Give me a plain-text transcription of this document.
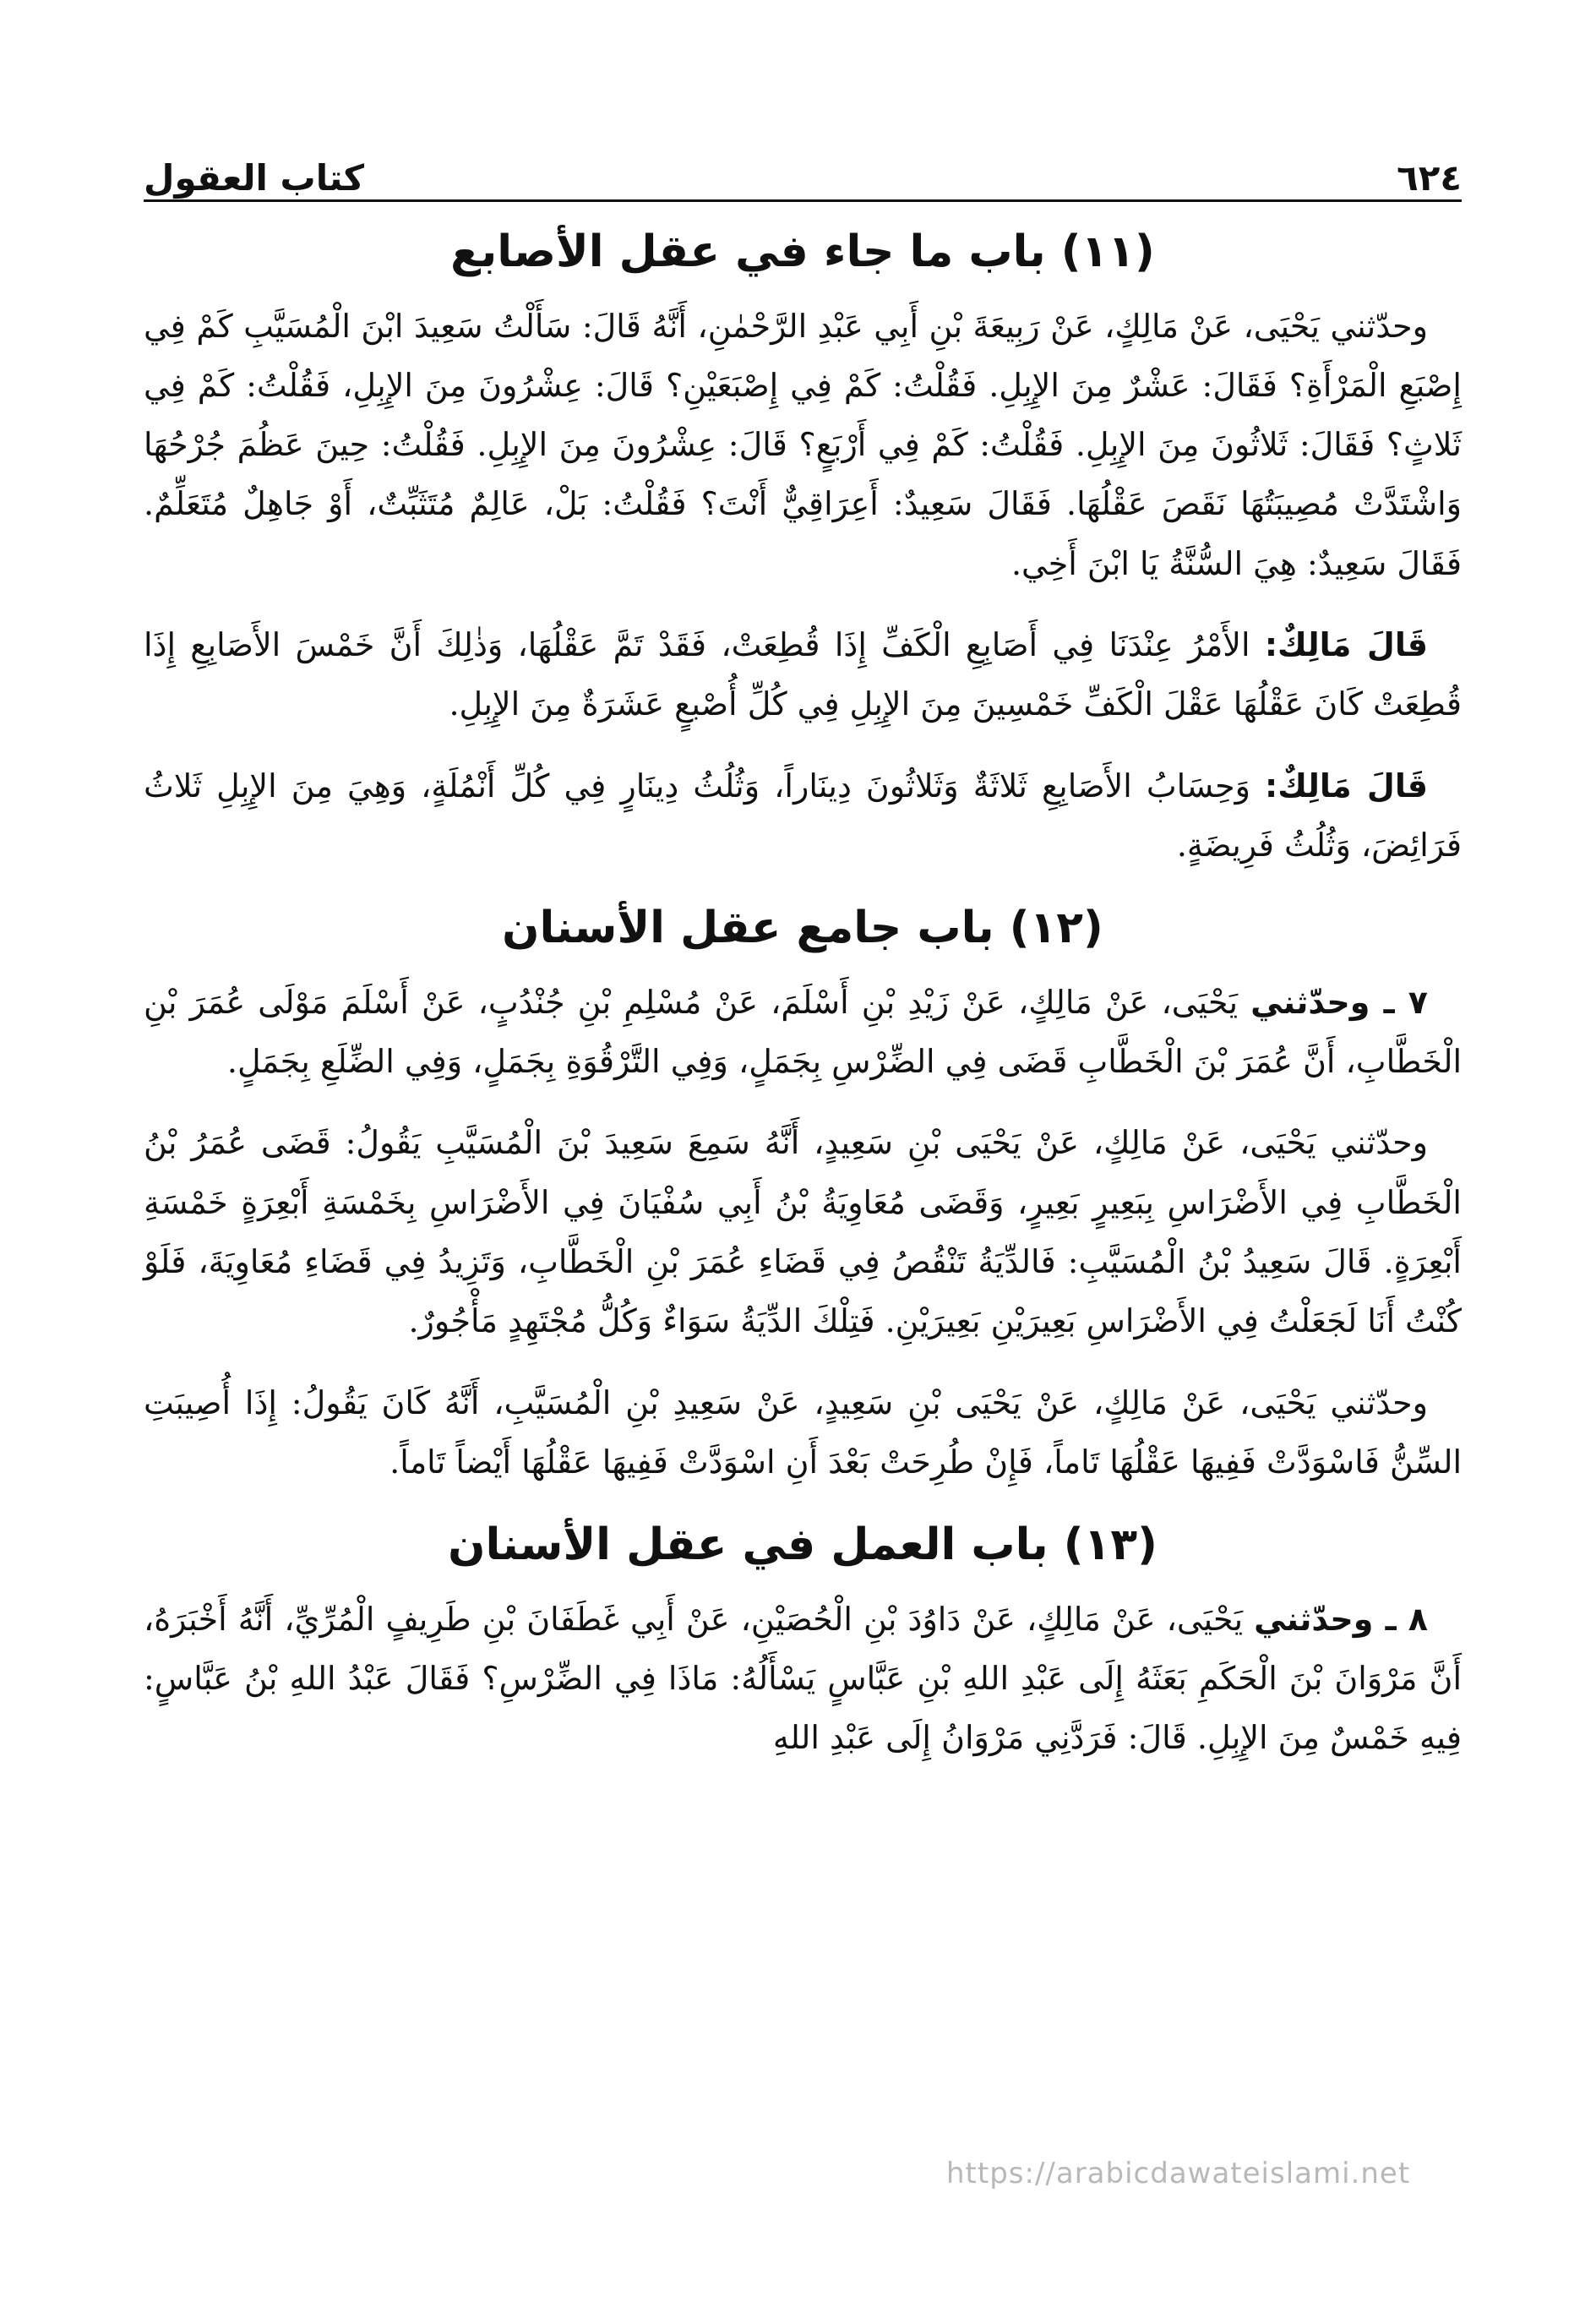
٦٢٤
كتاب العقول
(١١) باب ما جاء في عقل الأصابع

وحدّثني يَحْيَى، عَنْ مَالِكٍ، عَنْ رَبِيعَةَ بْنِ أَبِي عَبْدِ الرَّحْمٰنِ، أَنَّهُ قَالَ: سَأَلْتُ سَعِيدَ ابْنَ الْمُسَيَّبِ كَمْ فِي إِصْبَعِ الْمَرْأَةِ؟ فَقَالَ: عَشْرٌ مِنَ الإِبِلِ. فَقُلْتُ: كَمْ فِي إِصْبَعَيْنِ؟ قَالَ: عِشْرُونَ مِنَ الإِبِلِ، فَقُلْتُ: كَمْ فِي ثَلاثٍ؟ فَقَالَ: ثَلاثُونَ مِنَ الإِبِلِ. فَقُلْتُ: كَمْ فِي أَرْبَعٍ؟ قَالَ: عِشْرُونَ مِنَ الإِبِلِ. فَقُلْتُ: حِينَ عَظُمَ جُرْحُهَا وَاشْتَدَّتْ مُصِيبَتُهَا نَقَصَ عَقْلُهَا. فَقَالَ سَعِيدٌ: أَعِرَاقِيٌّ أَنْتَ؟ فَقُلْتُ: بَلْ، عَالِمٌ مُتَثَبِّتٌ، أَوْ جَاهِلٌ مُتَعَلِّمٌ. فَقَالَ سَعِيدٌ: هِيَ السُّنَّةُ يَا ابْنَ أَخِي.

قَالَ مَالِكٌ: الأَمْرُ عِنْدَنَا فِي أَصَابِعِ الْكَفِّ إِذَا قُطِعَتْ، فَقَدْ تَمَّ عَقْلُهَا، وَذٰلِكَ أَنَّ خَمْسَ الأَصَابِعِ إِذَا قُطِعَتْ كَانَ عَقْلُهَا عَقْلَ الْكَفِّ خَمْسِينَ مِنَ الإِبِلِ فِي كُلِّ أُصْبعٍ عَشَرَةٌ مِنَ الإِبِلِ.

قَالَ مَالِكٌ: وَحِسَابُ الأَصَابِعِ ثَلاثَةٌ وَثَلاثُونَ دِينَاراً، وَثُلُثُ دِينَارٍ فِي كُلِّ أَنْمُلَةٍ، وَهِيَ مِنَ الإِبِلِ ثَلاثُ فَرَائِضَ، وَثُلُثُ فَرِيضَةٍ.

(١٢) باب جامع عقل الأسنان

٧ ـ وحدّثني يَحْيَى، عَنْ مَالِكٍ، عَنْ زَيْدِ بْنِ أَسْلَمَ، عَنْ مُسْلِمِ بْنِ جُنْدُبٍ، عَنْ أَسْلَمَ مَوْلَى عُمَرَ بْنِ الْخَطَّابِ، أَنَّ عُمَرَ بْنَ الْخَطَّابِ قَضَى فِي الضِّرْسِ بِجَمَلٍ، وَفِي التَّرْقُوَةِ بِجَمَلٍ، وَفِي الضِّلَعِ بِجَمَلٍ.

وحدّثني يَحْيَى، عَنْ مَالِكٍ، عَنْ يَحْيَى بْنِ سَعِيدٍ، أَنَّهُ سَمِعَ سَعِيدَ بْنَ الْمُسَيَّبِ يَقُولُ: قَضَى عُمَرُ بْنُ الْخَطَّابِ فِي الأَضْرَاسِ بِبَعِيرٍ بَعِيرٍ، وَقَضَى مُعَاوِيَةُ بْنُ أَبِي سُفْيَانَ فِي الأَضْرَاسِ بِخَمْسَةِ أَبْعِرَةٍ خَمْسَةِ أَبْعِرَةٍ. قَالَ سَعِيدُ بْنُ الْمُسَيَّبِ: فَالدِّيَةُ تَنْقُصُ فِي قَضَاءِ عُمَرَ بْنِ الْخَطَّابِ، وَتَزِيدُ فِي قَضَاءِ مُعَاوِيَةَ، فَلَوْ كُنْتُ أَنَا لَجَعَلْتُ فِي الأَضْرَاسِ بَعِيرَيْنِ بَعِيرَيْنِ. فَتِلْكَ الدِّيَةُ سَوَاءٌ وَكُلُّ مُجْتَهِدٍ مَأْجُورٌ.

وحدّثني يَحْيَى، عَنْ مَالِكٍ، عَنْ يَحْيَى بْنِ سَعِيدٍ، عَنْ سَعِيدِ بْنِ الْمُسَيَّبِ، أَنَّهُ كَانَ يَقُولُ: إِذَا أُصِيبَتِ السِّنُّ فَاسْوَدَّتْ فَفِيهَا عَقْلُهَا تَاماً، فَإِنْ طُرِحَتْ بَعْدَ أَنِ اسْوَدَّتْ فَفِيهَا عَقْلُهَا أَيْضاً تَاماً.

(١٣) باب العمل في عقل الأسنان

٨ ـ وحدّثني يَحْيَى، عَنْ مَالِكٍ، عَنْ دَاوُدَ بْنِ الْحُصَيْنِ، عَنْ أَبِي غَطَفَانَ بْنِ طَرِيفٍ الْمُرِّيِّ، أَنَّهُ أَخْبَرَهُ، أَنَّ مَرْوَانَ بْنَ الْحَكَمِ بَعَثَهُ إِلَى عَبْدِ اللهِ بْنِ عَبَّاسٍ يَسْأَلُهُ: مَاذَا فِي الضِّرْسِ؟ فَقَالَ عَبْدُ اللهِ بْنُ عَبَّاسٍ: فِيهِ خَمْسٌ مِنَ الإِبِلِ. قَالَ: فَرَدَّنِي مَرْوَانُ إِلَى عَبْدِ اللهِ

https://arabicdawateislami.net
